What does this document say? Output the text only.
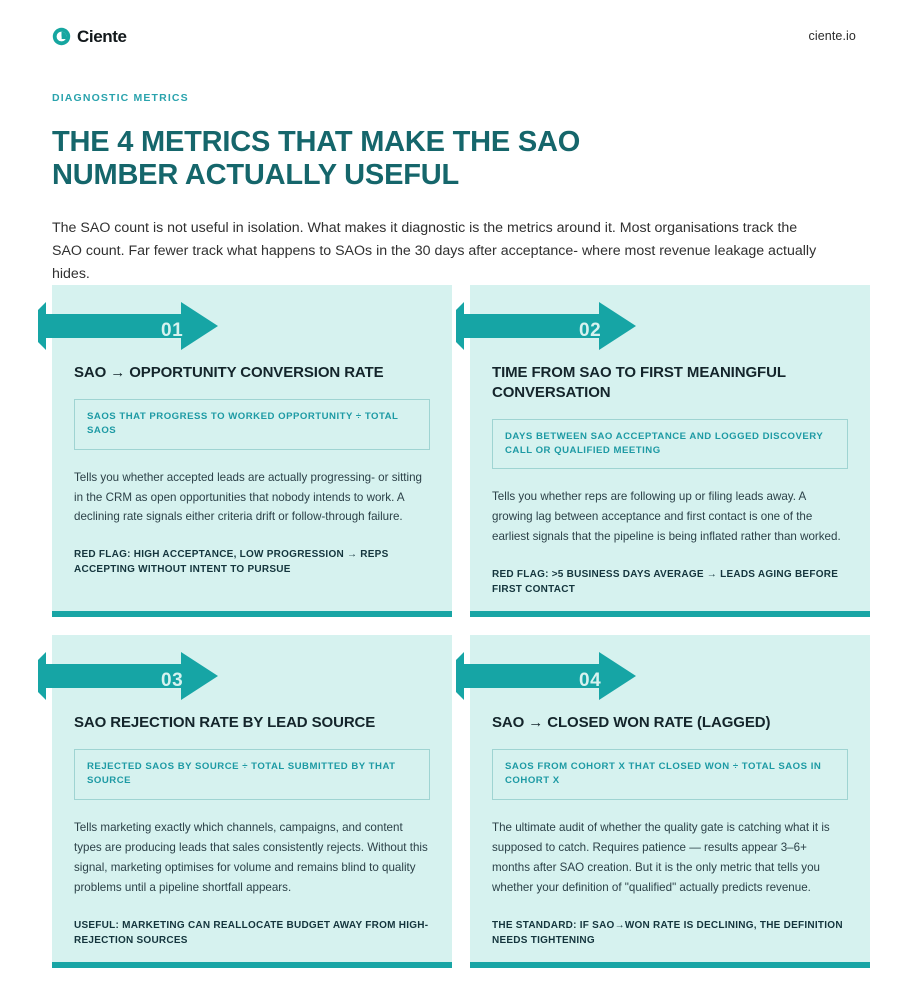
Ciente	ciente.io
DIAGNOSTIC METRICS
THE 4 METRICS THAT MAKE THE SAO NUMBER ACTUALLY USEFUL

The SAO count is not useful in isolation. What makes it diagnostic is the metrics around it. Most organisations track the SAO count. Far fewer track what happens to SAOs in the 30 days after acceptance- where most revenue leakage actually hides.

01
SAO → OPPORTUNITY CONVERSION RATE
SAOS THAT PROGRESS TO WORKED OPPORTUNITY ÷ TOTAL SAOS

Tells you whether accepted leads are actually progressing- or sitting in the CRM as open opportunities that nobody intends to work. A declining rate signals either criteria drift or follow-through failure.

RED FLAG: HIGH ACCEPTANCE, LOW PROGRESSION → REPS ACCEPTING WITHOUT INTENT TO PURSUE

02
TIME FROM SAO TO FIRST MEANINGFUL CONVERSATION
DAYS BETWEEN SAO ACCEPTANCE AND LOGGED DISCOVERY CALL OR QUALIFIED MEETING

Tells you whether reps are following up or filing leads away. A growing lag between acceptance and first contact is one of the earliest signals that the pipeline is being inflated rather than worked.

RED FLAG: >5 BUSINESS DAYS AVERAGE → LEADS AGING BEFORE FIRST CONTACT

03
SAO REJECTION RATE BY LEAD SOURCE
REJECTED SAOS BY SOURCE ÷ TOTAL SUBMITTED BY THAT SOURCE

Tells marketing exactly which channels, campaigns, and content types are producing leads that sales consistently rejects. Without this signal, marketing optimises for volume and remains blind to quality problems until a pipeline shortfall appears.

USEFUL: MARKETING CAN REALLOCATE BUDGET AWAY FROM HIGH-REJECTION SOURCES

04
SAO → CLOSED WON RATE (LAGGED)
SAOS FROM COHORT X THAT CLOSED WON ÷ TOTAL SAOS IN COHORT X

The ultimate audit of whether the quality gate is catching what it is supposed to catch. Requires patience — results appear 3–6+ months after SAO creation. But it is the only metric that tells you whether your definition of "qualified" actually predicts revenue.

THE STANDARD: IF SAO→WON RATE IS DECLINING, THE DEFINITION NEEDS TIGHTENING
